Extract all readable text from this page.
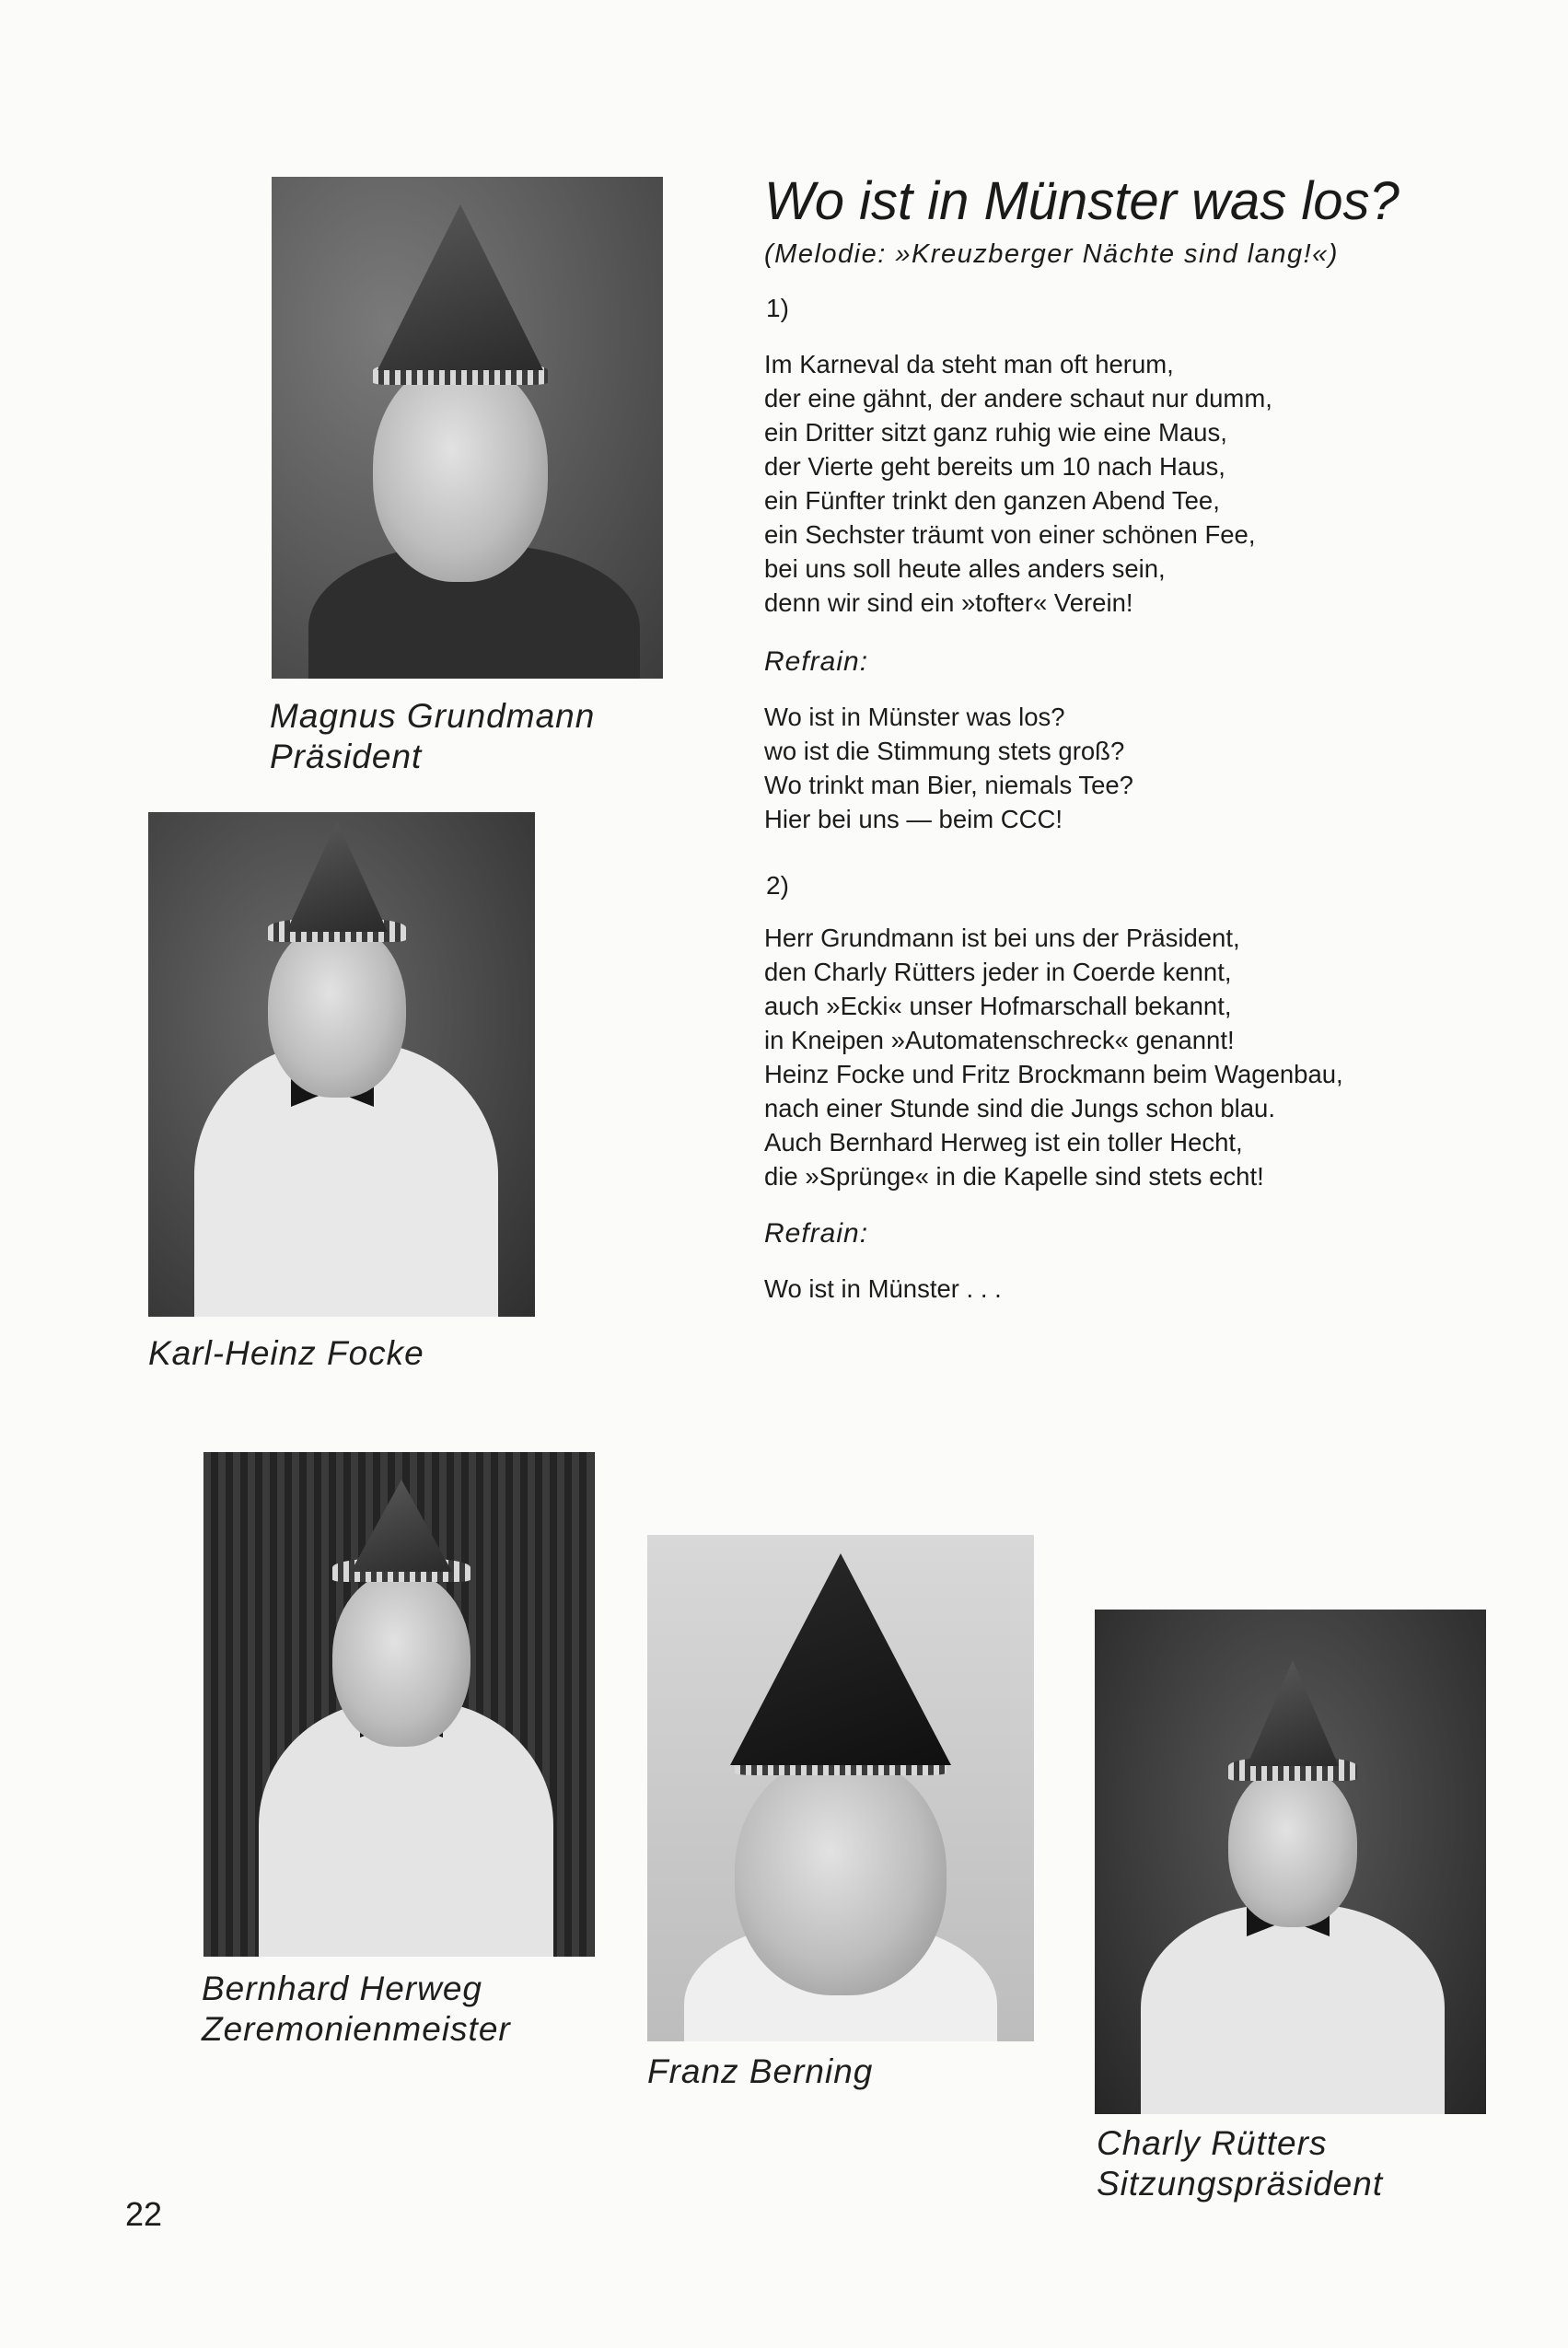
Magnus Grundmann
Präsident
Karl-Heinz Focke
Bernhard Herweg
Zeremonienmeister
Franz Berning
Charly Rütters
Sitzungspräsident
Wo ist in Münster was los?
(Melodie: »Kreuzberger Nächte sind lang!«)
1)
Im Karneval da steht man oft herum,
der eine gähnt, der andere schaut nur dumm,
ein Dritter sitzt ganz ruhig wie eine Maus,
der Vierte geht bereits um 10 nach Haus,
ein Fünfter trinkt den ganzen Abend Tee,
ein Sechster träumt von einer schönen Fee,
bei uns soll heute alles anders sein,
denn wir sind ein »tofter« Verein!
Refrain:
Wo ist in Münster was los?
wo ist die Stimmung stets groß?
Wo trinkt man Bier, niemals Tee?
Hier bei uns — beim CCC!
2)
Herr Grundmann ist bei uns der Präsident,
den Charly Rütters jeder in Coerde kennt,
auch »Ecki« unser Hofmarschall bekannt,
in Kneipen »Automatenschreck« genannt!
Heinz Focke und Fritz Brockmann beim Wagenbau,
nach einer Stunde sind die Jungs schon blau.
Auch Bernhard Herweg ist ein toller Hecht,
die »Sprünge« in die Kapelle sind stets echt!
Refrain:
Wo ist in Münster . . .
22
